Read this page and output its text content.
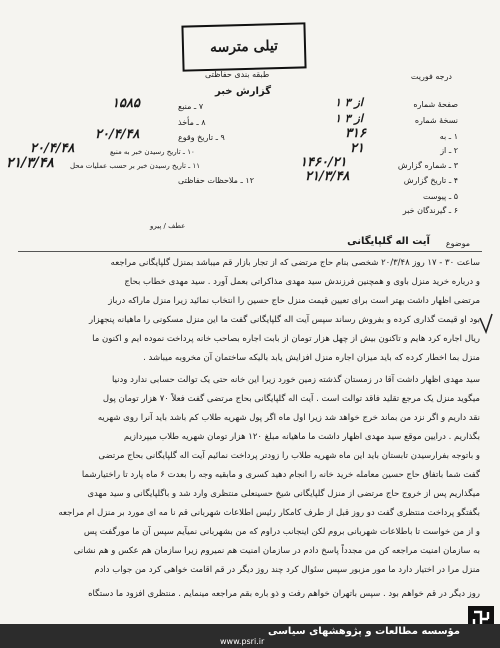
تیلی مترسه
درجه فوریت
طبقه بندی حفاظتی
گزارش خبر
صفحهٔ شماره
۱ از ۳
نسخهٔ شماره
۱ از ۳
۱ ـ به
۳۱۶
۲ ـ از
۲۱
۳ ـ شماره گزارش
۱۴۶۰/۲۱
۴ ـ تاریخ گزارش
۲۱/۳/۴۸
۵ ـ پیوست
۶ ـ گیرندگان خبر
۱۵۸۵	۷ ـ منبع
۸ ـ مأخذ
۲۰/۴/۴۸	۹ ـ تاریخ وقوع
۲۰/۴/۴۸	۱۰ ـ تاریخ رسیدن خبر به منبع
۲۱/۳/۴۸ ۱۱ ـ تاریخ رسیدن خبر بر حسب عملیات محل
۱۲ ـ ملاحظات حفاظتی
عطف / پیرو
موضوع
آیت اله گلپایگانی
ساعت ۳۰ - ۱۷ روز ۲۰/۳/۴۸ شخصی بنام حاج مرتضی که از تجار بازار قم میباشد بمنزل گلپایگانی مراجعه
و درباره خرید منزل باوی و همچنین فرزندش سید مهدی مذاکراتی بعمل آورد . سید مهدی خطاب بحاج
مرتضی اظهار داشت بهتر است برای تعیین قیمت منزل حاج حسین را انتخاب نمائید زیرا منزل ماراکه درباز
بود او قیمت گذاری کرده و بفروش رساند سپس آیت اله گلپایگانی گفت ما این منزل مسکونی را ماهیانه پنجهزار
ریال اجاره کرد هایم و تاکنون بیش از چهل هزار تومان از بابت اجاره بصاحب خانه پرداخت نموده ایم و اکنون ما
منزل بما اخطار کرده که باید میزان اجاره منزل افزایش یابد بالیکه ساختمان آن مخروبه میباشد .
سید مهدی اظهار داشت آقا در زمستان گذشته زمین خورد زیرا این خانه حتی یک توالت حسابی ندارد ودنیا
میگوید منزل یک مرجع تقلید فاقد توالت است . آیت اله گلپایگانی بحاج مرتضی گفت فعلاً ۷۰ هزار تومان پول
نقد داریم و اگر نزد من بماند خرج خواهد شد زیرا اول ماه اگر پول شهریه طلاب کم باشد باید آنرا روی شهریه
بگذاریم . درایین موقع سید مهدی اظهار داشت ما ماهیانه مبلغ ۱۲۰ هزار تومان شهریه طلاب میپردازیم
و باتوجه بفرارسیدن تابستان باید این ماه شهریه طلاب را زودتر پرداخت نمائیم آیت اله گلپایگانی بحاج مرتضی
گفت شما باتفاق حاج حسین معامله خرید خانه را انجام دهید کسری و مابقیه وجه را بعدت ۶ ماه پارد تا راختیارشما
میگذاریم پس از خروج حاج مرتضی از منزل گلپایگانی شیخ حسینعلی منتظری وارد شد و باگلپایگانی و سید مهدی
بگفتگو پرداخت منتظری گفت دو روز قبل از طرف کامکار رئیس اطلاعات شهربانی قم نا مه ای مورد بر منزل ام مراجعه
و از من خواست تا باطلاعات شهربانی بروم لکن اینجانب دراوم که من بشهربانی نمیآیم سپس آن ما مورگفت پس
به سازمان امنیت مراجعه کن من مجدداً پاسخ دادم در سازمان امنیت هم نمیروم زیرا سازمان هم عکس و هم نشانی
منزل مرا در اختیار دارد ما مور مزبور سپس سئوال کرد چند روز دیگر در قم اقامت خواهی کرد من جواب دادم
روز دیگر در قم خواهم بود . سپس باتهران خواهم رفت و ذو باره بقم مراجعه مینمایم . منتظری افزود ما دستگاه
مؤسسه مطالعات و پژوهشهای سیاسی
www.psri.ir
